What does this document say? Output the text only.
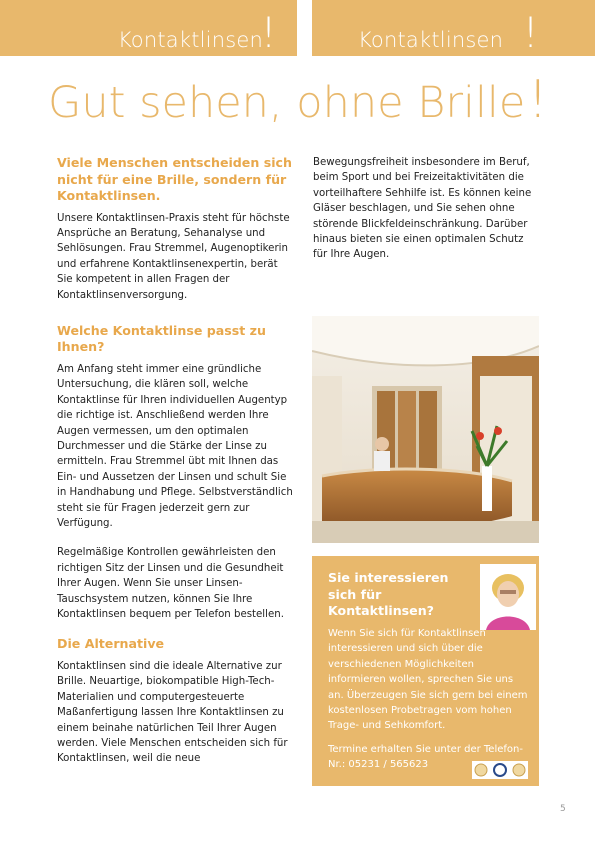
Kontaktlinsen
!	Kontaktlinsen !
Gut sehen, ohne Brille!
Viele Menschen entscheiden sich nicht für eine Brille, sondern für Kontaktlinsen.

Unsere Kontaktlinsen-Praxis steht für höchste Ansprüche an Beratung, Sehanalyse und Sehlösungen. Frau Stremmel, Augenoptikerin und erfahrene Kontaktlinsenexpertin, berät Sie kompetent in allen Fragen der Kontaktlinsenversorgung.

Welche Kontaktlinse passt zu Ihnen?

Am Anfang steht immer eine gründliche Untersuchung, die klären soll, welche Kontaktlinse für Ihren individuellen Augentyp die richtige ist. Anschließend werden Ihre Augen vermessen, um den optimalen Durchmesser und die Stärke der Linse zu ermitteln. Frau Stremmel übt mit Ihnen das Ein- und Aussetzen der Linsen und schult Sie in Handhabung und Pflege. Selbstverständlich steht sie für Fragen jederzeit gern zur Verfügung.

Regelmäßige Kontrollen gewährleisten den richtigen Sitz der Linsen und die Gesundheit Ihrer Augen. Wenn Sie unser Linsen-Tauschsystem nutzen, können Sie Ihre Kontaktlinsen bequem per Telefon bestellen.

Die Alternative

Kontaktlinsen sind die ideale Alternative zur Brille. Neuartige, biokompatible High-Tech-Materialien und computergesteuerte Maßanfertigung lassen Ihre Kontaktlinsen zu einem beinahe natürlichen Teil Ihrer Augen werden. Viele Menschen entscheiden sich für Kontaktlinsen, weil die neue

Bewegungsfreiheit insbesondere im Beruf, beim Sport und bei Freizeitaktivitäten die vorteilhaftere Sehhilfe ist. Es können keine Gläser beschlagen, und Sie sehen ohne störende Blickfeldeinschränkung. Darüber hinaus bieten sie einen optimalen Schutz für Ihre Augen.

Sie interessieren sich für Kontaktlinsen?
Wenn Sie sich für Kontaktlinsen interessieren und sich über die verschiedenen Möglichkeiten informieren wollen, sprechen Sie uns an. Überzeugen Sie sich gern bei einem kostenlosen Probetragen vom hohen Trage- und Sehkomfort.
Termine erhalten Sie unter der Telefon-Nr.: 05231 / 565623
5
